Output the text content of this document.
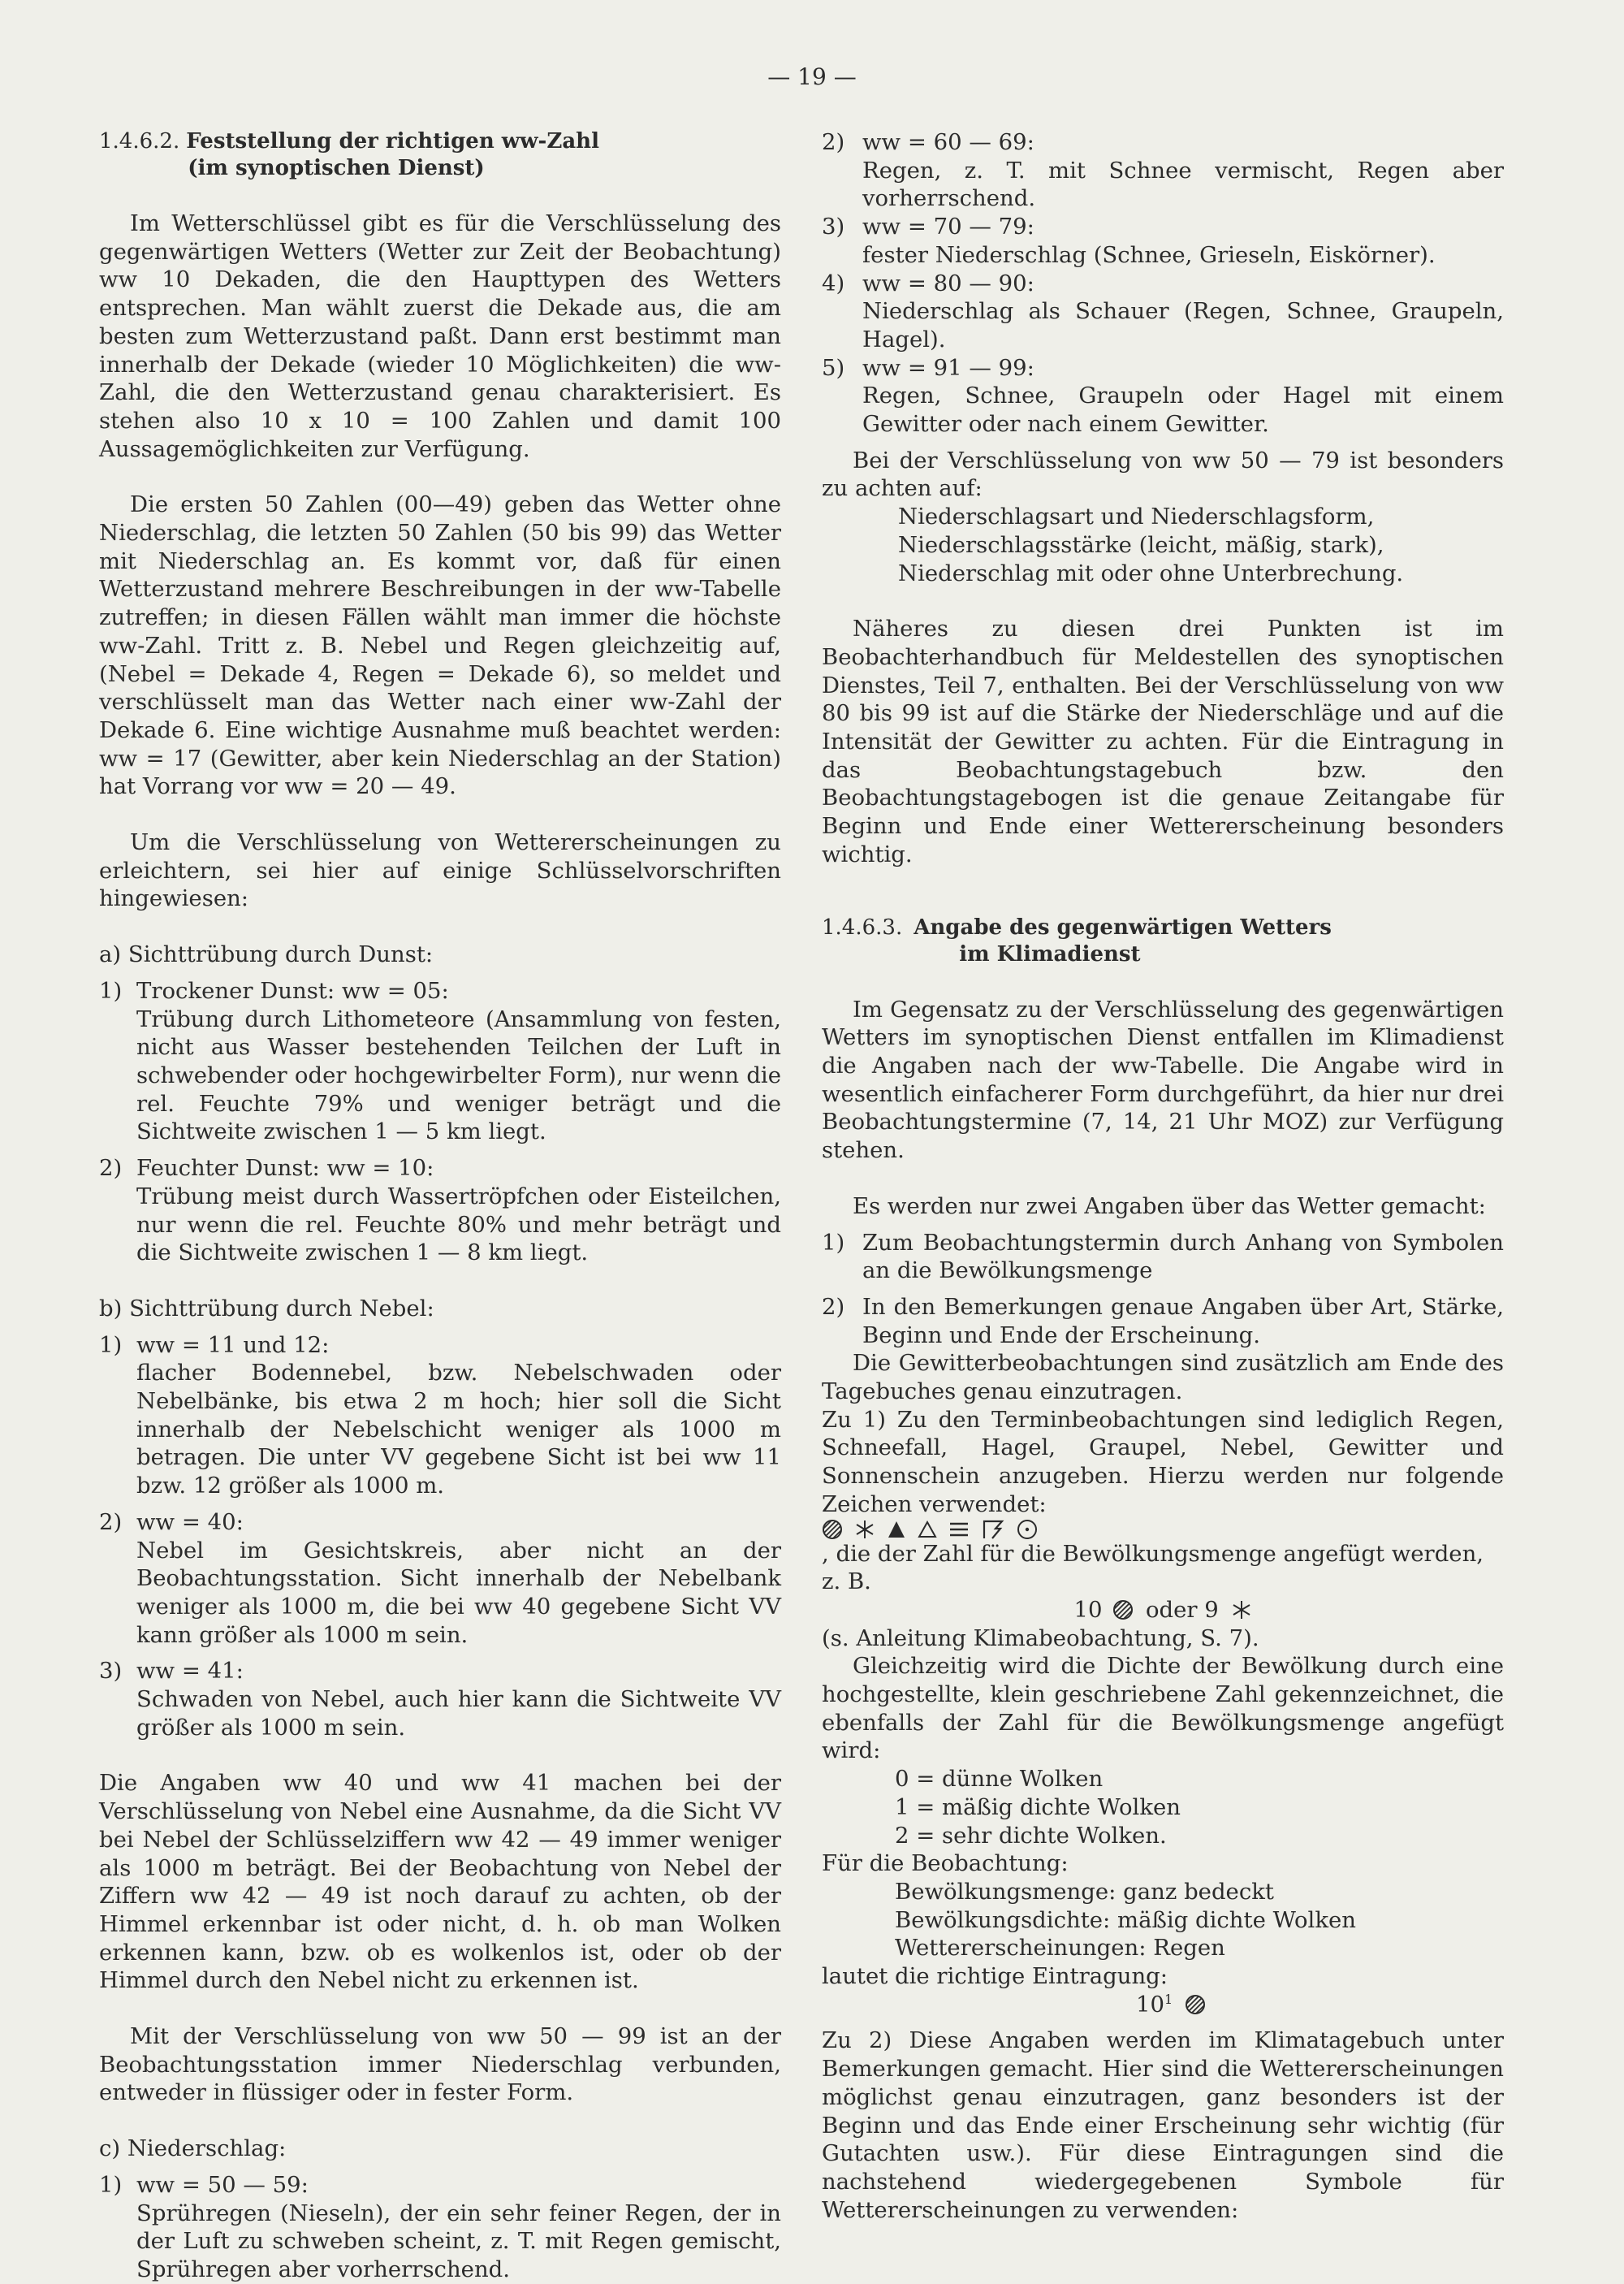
— 19 —
1.4.6.2. Feststellung der richtigen ww-Zahl
(im synoptischen Dienst)

Im Wetterschlüssel gibt es für die Verschlüsselung des gegenwärtigen Wetters (Wetter zur Zeit der Beobachtung) ww 10 Dekaden, die den Haupttypen des Wetters entsprechen. Man wählt zuerst die Dekade aus, die am besten zum Wetterzustand paßt. Dann erst bestimmt man innerhalb der Dekade (wieder 10 Möglichkeiten) die ww-Zahl, die den Wetterzustand genau charakterisiert. Es stehen also 10 x 10 = 100 Zahlen und damit 100 Aussagemöglichkeiten zur Verfügung.

Die ersten 50 Zahlen (00—49) geben das Wetter ohne Niederschlag, die letzten 50 Zahlen (50 bis 99) das Wetter mit Niederschlag an. Es kommt vor, daß für einen Wetterzustand mehrere Beschreibungen in der ww-Tabelle zutreffen; in diesen Fällen wählt man immer die höchste ww-Zahl. Tritt z. B. Nebel und Regen gleichzeitig auf, (Nebel = Dekade 4, Regen = Dekade 6), so meldet und verschlüsselt man das Wetter nach einer ww-Zahl der Dekade 6. Eine wichtige Ausnahme muß beachtet werden: ww = 17 (Gewitter, aber kein Niederschlag an der Station) hat Vorrang vor ww = 20 — 49.

Um die Verschlüsselung von Wettererscheinungen zu erleichtern, sei hier auf einige Schlüsselvorschriften hingewiesen:

a) Sichttrübung durch Dunst:

1) Trockener Dunst: ww = 05:

Trübung durch Lithometeore (Ansammlung von festen, nicht aus Wasser bestehenden Teilchen der Luft in schwebender oder hochgewirbelter Form), nur wenn die rel. Feuchte 79% und weniger beträgt und die Sichtweite zwischen 1 — 5 km liegt.

2) Feuchter Dunst: ww = 10:

Trübung meist durch Wassertröpfchen oder Eisteilchen, nur wenn die rel. Feuchte 80% und mehr beträgt und die Sichtweite zwischen 1 — 8 km liegt.

b) Sichttrübung durch Nebel:

1) ww = 11 und 12:

flacher Bodennebel, bzw. Nebelschwaden oder Nebelbänke, bis etwa 2 m hoch; hier soll die Sicht innerhalb der Nebelschicht weniger als 1000 m betragen. Die unter VV gegebene Sicht ist bei ww 11 bzw. 12 größer als 1000 m.

2) ww = 40:

Nebel im Gesichtskreis, aber nicht an der Beobachtungsstation. Sicht innerhalb der Nebelbank weniger als 1000 m, die bei ww 40 gegebene Sicht VV kann größer als 1000 m sein.

3) ww = 41:

Schwaden von Nebel, auch hier kann die Sichtweite VV größer als 1000 m sein.

Die Angaben ww 40 und ww 41 machen bei der Verschlüsselung von Nebel eine Ausnahme, da die Sicht VV bei Nebel der Schlüsselziffern ww 42 — 49 immer weniger als 1000 m beträgt. Bei der Beobachtung von Nebel der Ziffern ww 42 — 49 ist noch darauf zu achten, ob der Himmel erkennbar ist oder nicht, d. h. ob man Wolken erkennen kann, bzw. ob es wolkenlos ist, oder ob der Himmel durch den Nebel nicht zu erkennen ist.

Mit der Verschlüsselung von ww 50 — 99 ist an der Beobachtungsstation immer Niederschlag verbunden, entweder in flüssiger oder in fester Form.

c) Niederschlag:

1) ww = 50 — 59:

Sprühregen (Nieseln), der ein sehr feiner Regen, der in der Luft zu schweben scheint, z. T. mit Regen gemischt, Sprühregen aber vorherrschend.

2) ww = 60 — 69:

Regen, z. T. mit Schnee vermischt, Regen aber vorherrschend.

3) ww = 70 — 79:

fester Niederschlag (Schnee, Grieseln, Eiskörner).

4) ww = 80 — 90:

Niederschlag als Schauer (Regen, Schnee, Graupeln, Hagel).

5) ww = 91 — 99:

Regen, Schnee, Graupeln oder Hagel mit einem Gewitter oder nach einem Gewitter.

Bei der Verschlüsselung von ww 50 — 79 ist besonders zu achten auf:

Niederschlagsart und Niederschlagsform,

Niederschlagsstärke (leicht, mäßig, stark),

Niederschlag mit oder ohne Unterbrechung.

Näheres zu diesen drei Punkten ist im Beobachterhandbuch für Meldestellen des synoptischen Dienstes, Teil 7, enthalten. Bei der Verschlüsselung von ww 80 bis 99 ist auf die Stärke der Niederschläge und auf die Intensität der Gewitter zu achten. Für die Eintragung in das Beobachtungstagebuch bzw. den Beobachtungstagebogen ist die genaue Zeitangabe für Beginn und Ende einer Wettererscheinung besonders wichtig.

1.4.6.3. Angabe des gegenwärtigen Wetters
im Klimadienst

Im Gegensatz zu der Verschlüsselung des gegenwärtigen Wetters im synoptischen Dienst entfallen im Klimadienst die Angaben nach der ww-Tabelle. Die Angabe wird in wesentlich einfacherer Form durchgeführt, da hier nur drei Beobachtungstermine (7, 14, 21 Uhr MOZ) zur Verfügung stehen.

Es werden nur zwei Angaben über das Wetter gemacht:

1) Zum Beobachtungstermin durch Anhang von Symbolen an die Bewölkungsmenge

2) In den Bemerkungen genaue Angaben über Art, Stärke, Beginn und Ende der Erscheinung.

Die Gewitterbeobachtungen sind zusätzlich am Ende des Tagebuches genau einzutragen.

Zu 1) Zu den Terminbeobachtungen sind lediglich Regen, Schneefall, Hagel, Graupel, Nebel, Gewitter und Sonnenschein anzugeben. Hierzu werden nur folgende Zeichen verwendet:

, die der Zahl für die Bewölkungsmenge angefügt werden, z. B.
10 oder 9

(s. Anleitung Klimabeobachtung, S. 7).

Gleichzeitig wird die Dichte der Bewölkung durch eine hochgestellte, klein geschriebene Zahl gekennzeichnet, die ebenfalls der Zahl für die Bewölkungsmenge angefügt wird:

0 = dünne Wolken

1 = mäßig dichte Wolken

2 = sehr dichte Wolken.

Für die Beobachtung:

Bewölkungsmenge: ganz bedeckt

Bewölkungsdichte: mäßig dichte Wolken

Wettererscheinungen: Regen

lautet die richtige Eintragung:

$10^1$

Zu 2) Diese Angaben werden im Klimatagebuch unter Bemerkungen gemacht. Hier sind die Wettererscheinungen möglichst genau einzutragen, ganz besonders ist der Beginn und das Ende einer Erscheinung sehr wichtig (für Gutachten usw.). Für diese Eintragungen sind die nachstehend wiedergegebenen Symbole für Wettererscheinungen zu verwenden:
